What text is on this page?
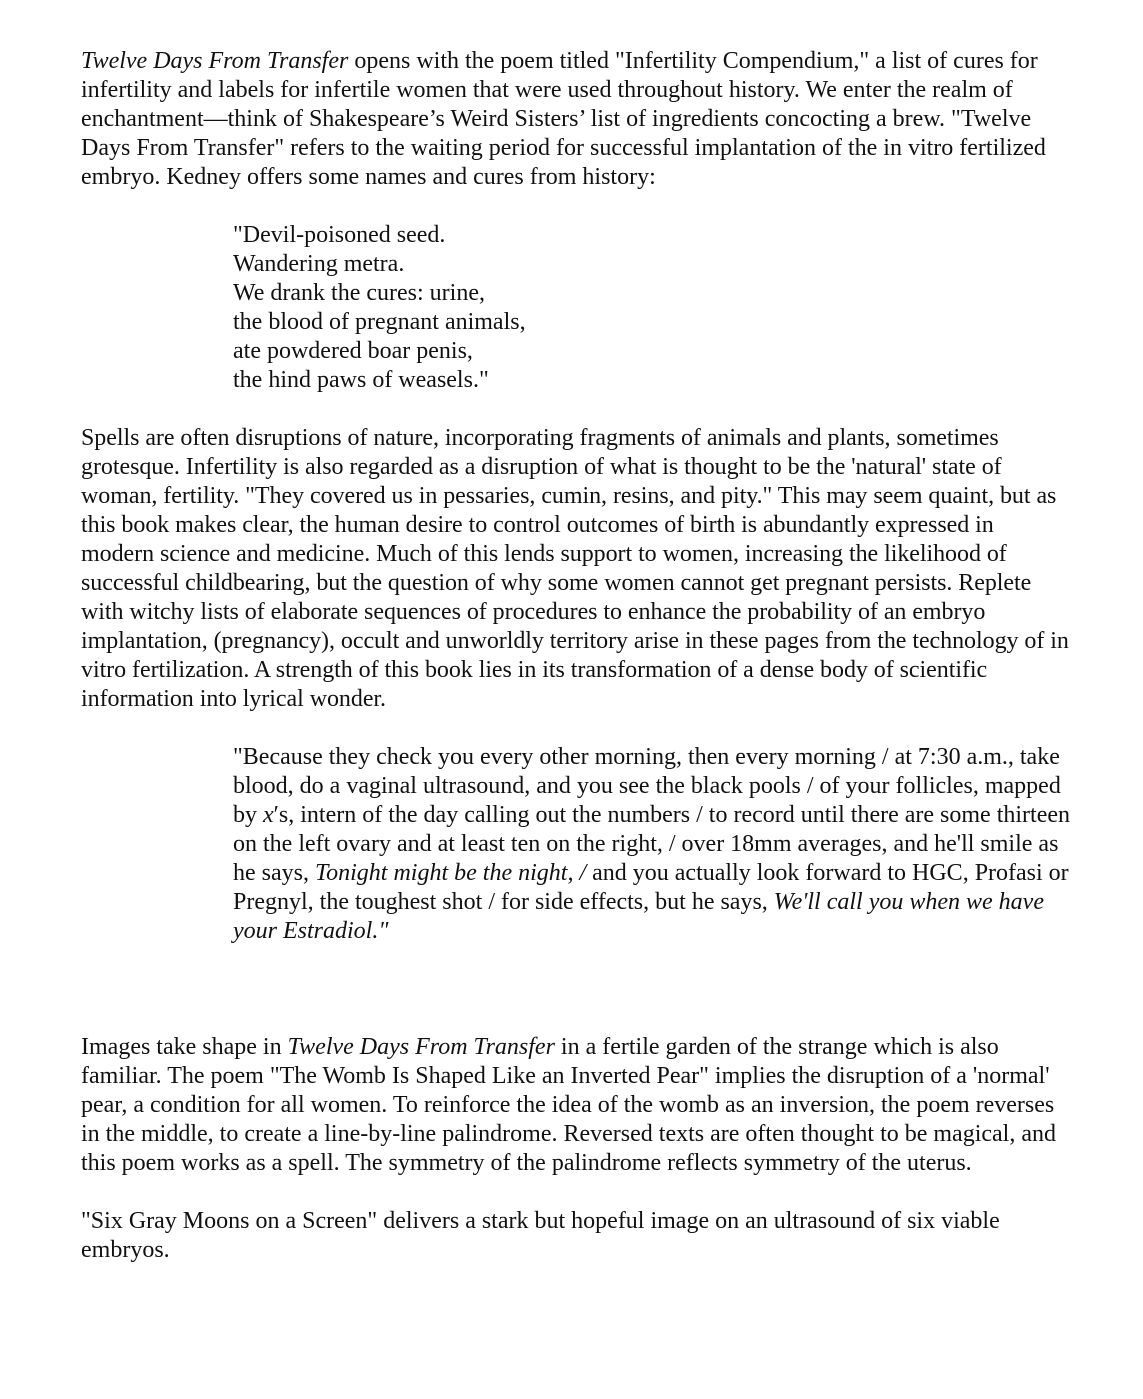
Twelve Days From Transfer opens with the poem titled "Infertility Compendium," a list of cures for infertility and labels for infertile women that were used throughout history. We enter the realm of enchantment—think of Shakespeare’s Weird Sisters’ list of ingredients concocting a brew. "Twelve Days From Transfer" refers to the waiting period for successful implantation of the in vitro fertilized embryo. Kedney offers some names and cures from history:

"Devil-poisoned seed.
Wandering metra.
We drank the cures: urine,
the blood of pregnant animals,
ate powdered boar penis,
the hind paws of weasels."

Spells are often disruptions of nature, incorporating fragments of animals and plants, sometimes grotesque. Infertility is also regarded as a disruption of what is thought to be the 'natural' state of woman, fertility. "They covered us in pessaries, cumin, resins, and pity." This may seem quaint, but as this book makes clear, the human desire to control outcomes of birth is abundantly expressed in modern science and medicine. Much of this lends support to women, increasing the likelihood of successful childbearing, but the question of why some women cannot get pregnant persists. Replete with witchy lists of elaborate sequences of procedures to enhance the probability of an embryo implantation, (pregnancy), occult and unworldly territory arise in these pages from the technology of in vitro fertilization. A strength of this book lies in its transformation of a dense body of scientific information into lyrical wonder.

"Because they check you every other morning, then every morning / at 7:30 a.m., take blood, do a vaginal ultrasound, and you see the black pools / of your follicles, mapped by x′s, intern of the day calling out the numbers / to record until there are some thirteen on the left ovary and at least ten on the right, / over 18mm averages, and he'll smile as he says, Tonight might be the night, / and you actually look forward to HGC, Profasi or Pregnyl, the toughest shot / for side effects, but he says, We'll call you when we have your Estradiol."

Images take shape in Twelve Days From Transfer in a fertile garden of the strange which is also familiar. The poem "The Womb Is Shaped Like an Inverted Pear" implies the disruption of a 'normal' pear, a condition for all women. To reinforce the idea of the womb as an inversion, the poem reverses in the middle, to create a line-by-line palindrome. Reversed texts are often thought to be magical, and this poem works as a spell. The symmetry of the palindrome reflects symmetry of the uterus.

"Six Gray Moons on a Screen" delivers a stark but hopeful image on an ultrasound of six viable embryos.
